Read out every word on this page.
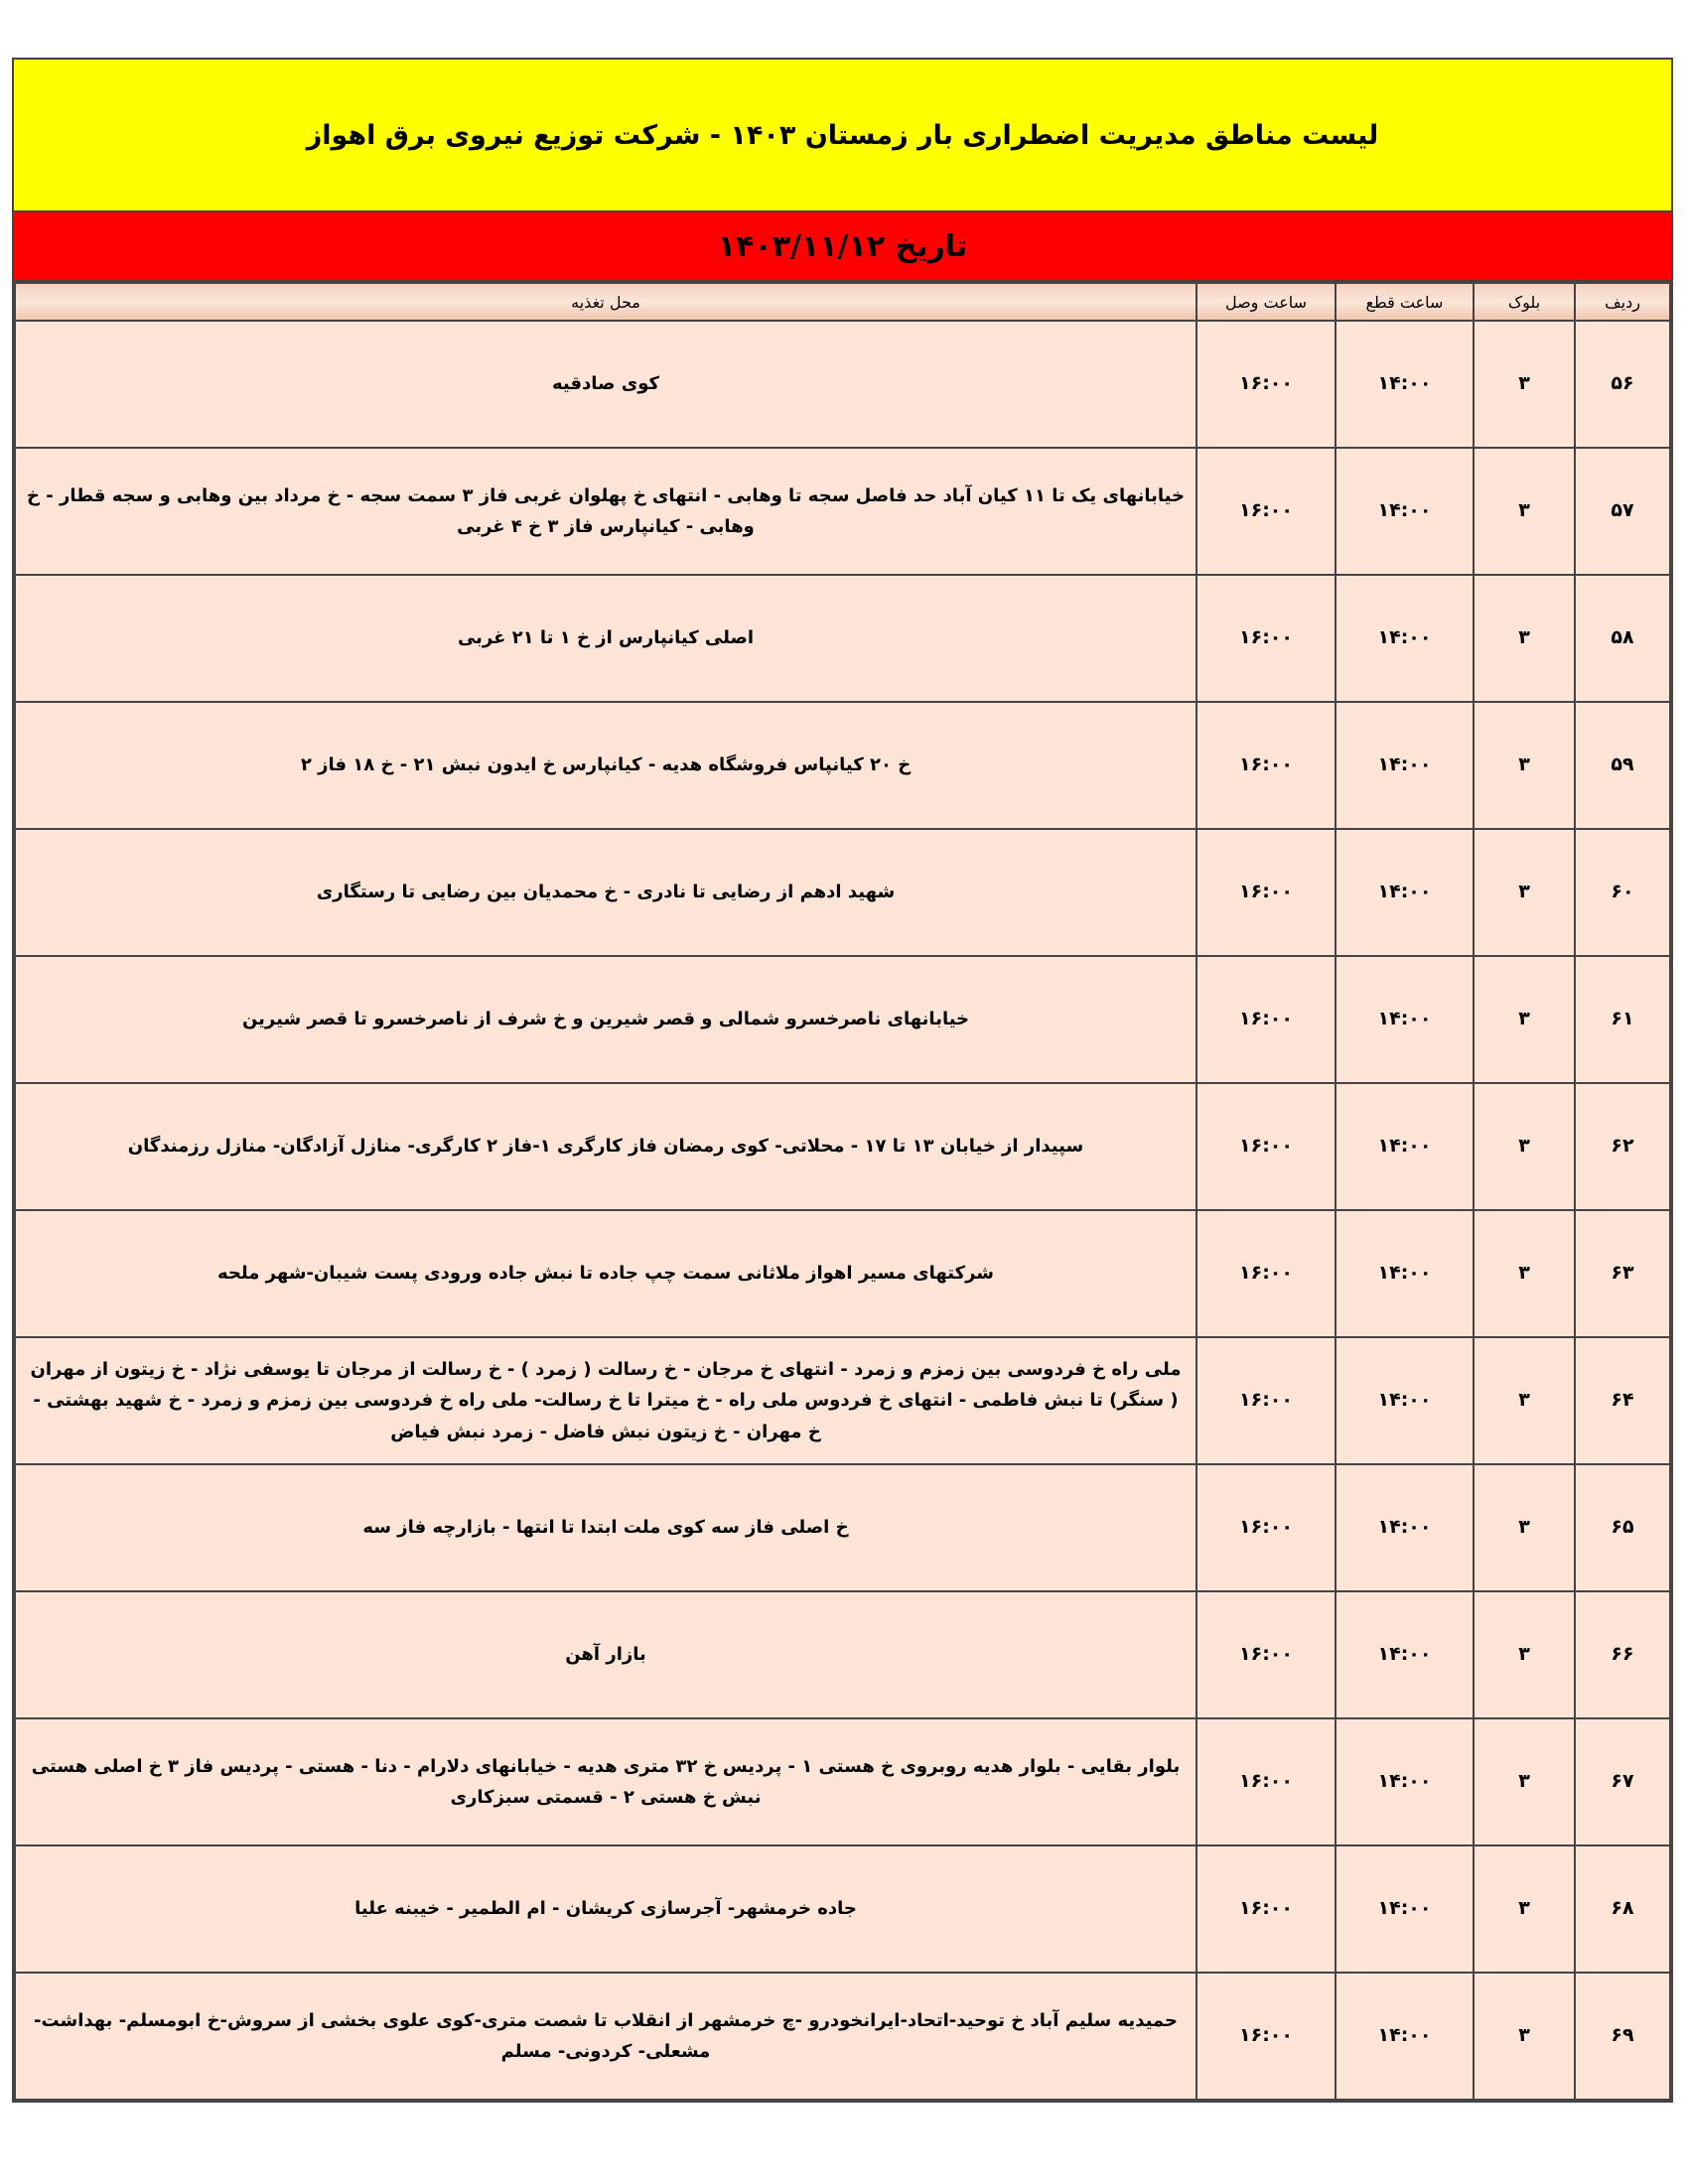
لیست مناطق مدیریت اضطراری بار زمستان ۱۴۰۳ - شرکت توزیع نیروی برق اهواز
تاریخ ۱۴۰۳/۱۱/۱۲
ردیف	بلوک	ساعت قطع	ساعت وصل	محل تغذیه
۵۶	۳	۱۴:۰۰	۱۶:۰۰	کوی صادقیه
۵۷	۳	۱۴:۰۰	۱۶:۰۰	خیابانهای یک تا ۱۱ کیان آباد حد فاصل سجه تا وهابی - انتهای خ پهلوان غربی فاز ۳ سمت سجه - خ مرداد بین وهابی و سجه قطار - خ وهابی - کیانپارس فاز ۳ خ ۴ غربی
۵۸	۳	۱۴:۰۰	۱۶:۰۰	اصلی کیانپارس از خ ۱ تا ۲۱ غربی
۵۹	۳	۱۴:۰۰	۱۶:۰۰	خ ۲۰ کیانپاس فروشگاه هدیه - کیانپارس خ ایدون نبش ۲۱ - خ ۱۸ فاز ۲
۶۰	۳	۱۴:۰۰	۱۶:۰۰	شهید ادهم از رضایی تا نادری - خ محمدیان بین رضایی تا رستگاری
۶۱	۳	۱۴:۰۰	۱۶:۰۰	خیابانهای ناصرخسرو شمالی و قصر شیرین و خ شرف از ناصرخسرو تا قصر شیرین
۶۲	۳	۱۴:۰۰	۱۶:۰۰	سپیدار از خیابان ۱۳ تا ۱۷ - محلاتی- کوی رمضان فاز کارگری ۱-فاز ۲ کارگری- منازل آزادگان- منازل رزمندگان
۶۳	۳	۱۴:۰۰	۱۶:۰۰	شرکتهای مسیر اهواز ملاثانی سمت چپ جاده تا نبش جاده ورودی پست شیبان-شهر ملحه
۶۴	۳	۱۴:۰۰	۱۶:۰۰	ملی راه خ فردوسی بین زمزم و زمرد - انتهای خ مرجان - خ رسالت ( زمرد ) - خ رسالت از مرجان تا یوسفی نژاد - خ زیتون از مهران ( سنگر) تا نبش فاطمی - انتهای خ فردوس ملی راه - خ میترا تا خ رسالت- ملی راه خ فردوسی بین زمزم و زمرد - خ شهید بهشتی - خ مهران - خ زیتون نبش فاضل - زمرد نبش فیاض
۶۵	۳	۱۴:۰۰	۱۶:۰۰	خ اصلی فاز سه کوی ملت ابتدا تا انتها - بازارچه فاز سه
۶۶	۳	۱۴:۰۰	۱۶:۰۰	بازار آهن
۶۷	۳	۱۴:۰۰	۱۶:۰۰	بلوار بقایی - بلوار هدیه روبروی خ هستی ۱ - پردیس خ ۳۲ متری هدیه - خیابانهای دلارام - دنا - هستی - پردیس فاز ۳ خ اصلی هستی نبش خ هستی ۲ - قسمتی سبزکاری
۶۸	۳	۱۴:۰۰	۱۶:۰۰	جاده خرمشهر- آجرسازی کریشان - ام الطمیر - خیبنه علیا
۶۹	۳	۱۴:۰۰	۱۶:۰۰	حمیدیه سلیم آباد خ توحید-اتحاد-ایرانخودرو -چ خرمشهر از انقلاب تا شصت متری-کوی علوی بخشی از سروش-خ ابومسلم- بهداشت- مشعلی- کردونی- مسلم
